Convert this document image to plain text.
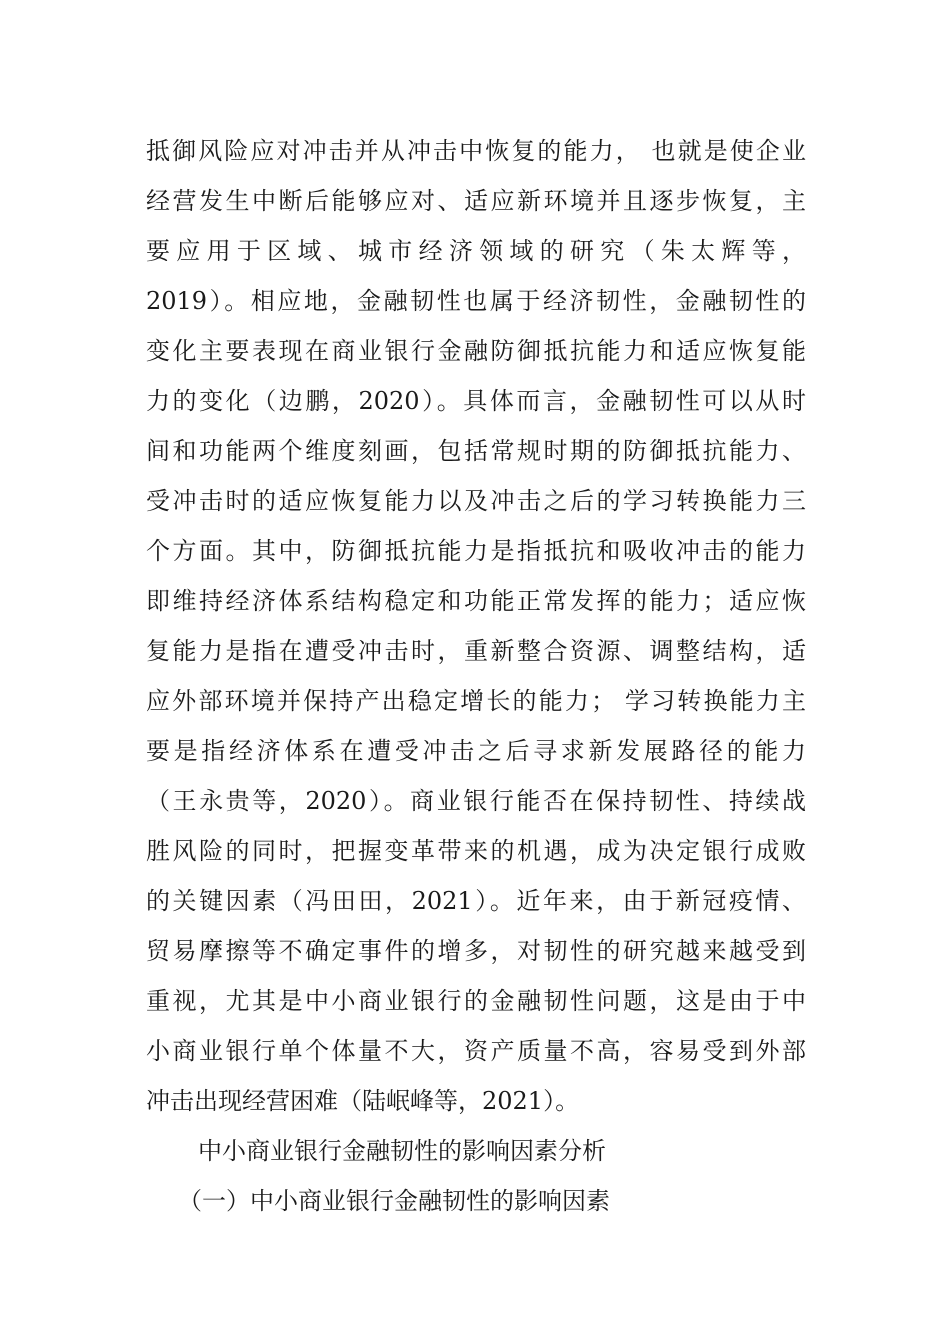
抵御风险应对冲击并从冲击中恢复的能力， 也就是使企业
经营发生中断后能够应对、适应新环境并且逐步恢复，主
要应用于区域、城市经济领域的研究（朱太辉等，
2019）。相应地，金融韧性也属于经济韧性，金融韧性的
变化主要表现在商业银行金融防御抵抗能力和适应恢复能
力的变化（边鹏，2020）。具体而言，金融韧性可以从时
间和功能两个维度刻画，包括常规时期的防御抵抗能力、
受冲击时的适应恢复能力以及冲击之后的学习转换能力三
个方面。其中，防御抵抗能力是指抵抗和吸收冲击的能力
即维持经济体系结构稳定和功能正常发挥的能力；适应恢
复能力是指在遭受冲击时，重新整合资源、调整结构，适
应外部环境并保持产出稳定增长的能力； 学习转换能力主
要是指经济体系在遭受冲击之后寻求新发展路径的能力
（王永贵等，2020）。商业银行能否在保持韧性、持续战
胜风险的同时，把握变革带来的机遇，成为决定银行成败
的关键因素（冯田田，2021）。近年来，由于新冠疫情、
贸易摩擦等不确定事件的增多，对韧性的研究越来越受到
重视，尤其是中小商业银行的金融韧性问题，这是由于中
小商业银行单个体量不大，资产质量不高，容易受到外部
冲击出现经营困难（陆岷峰等，2021）。
中小商业银行金融韧性的影响因素分析
（一）中小商业银行金融韧性的影响因素
